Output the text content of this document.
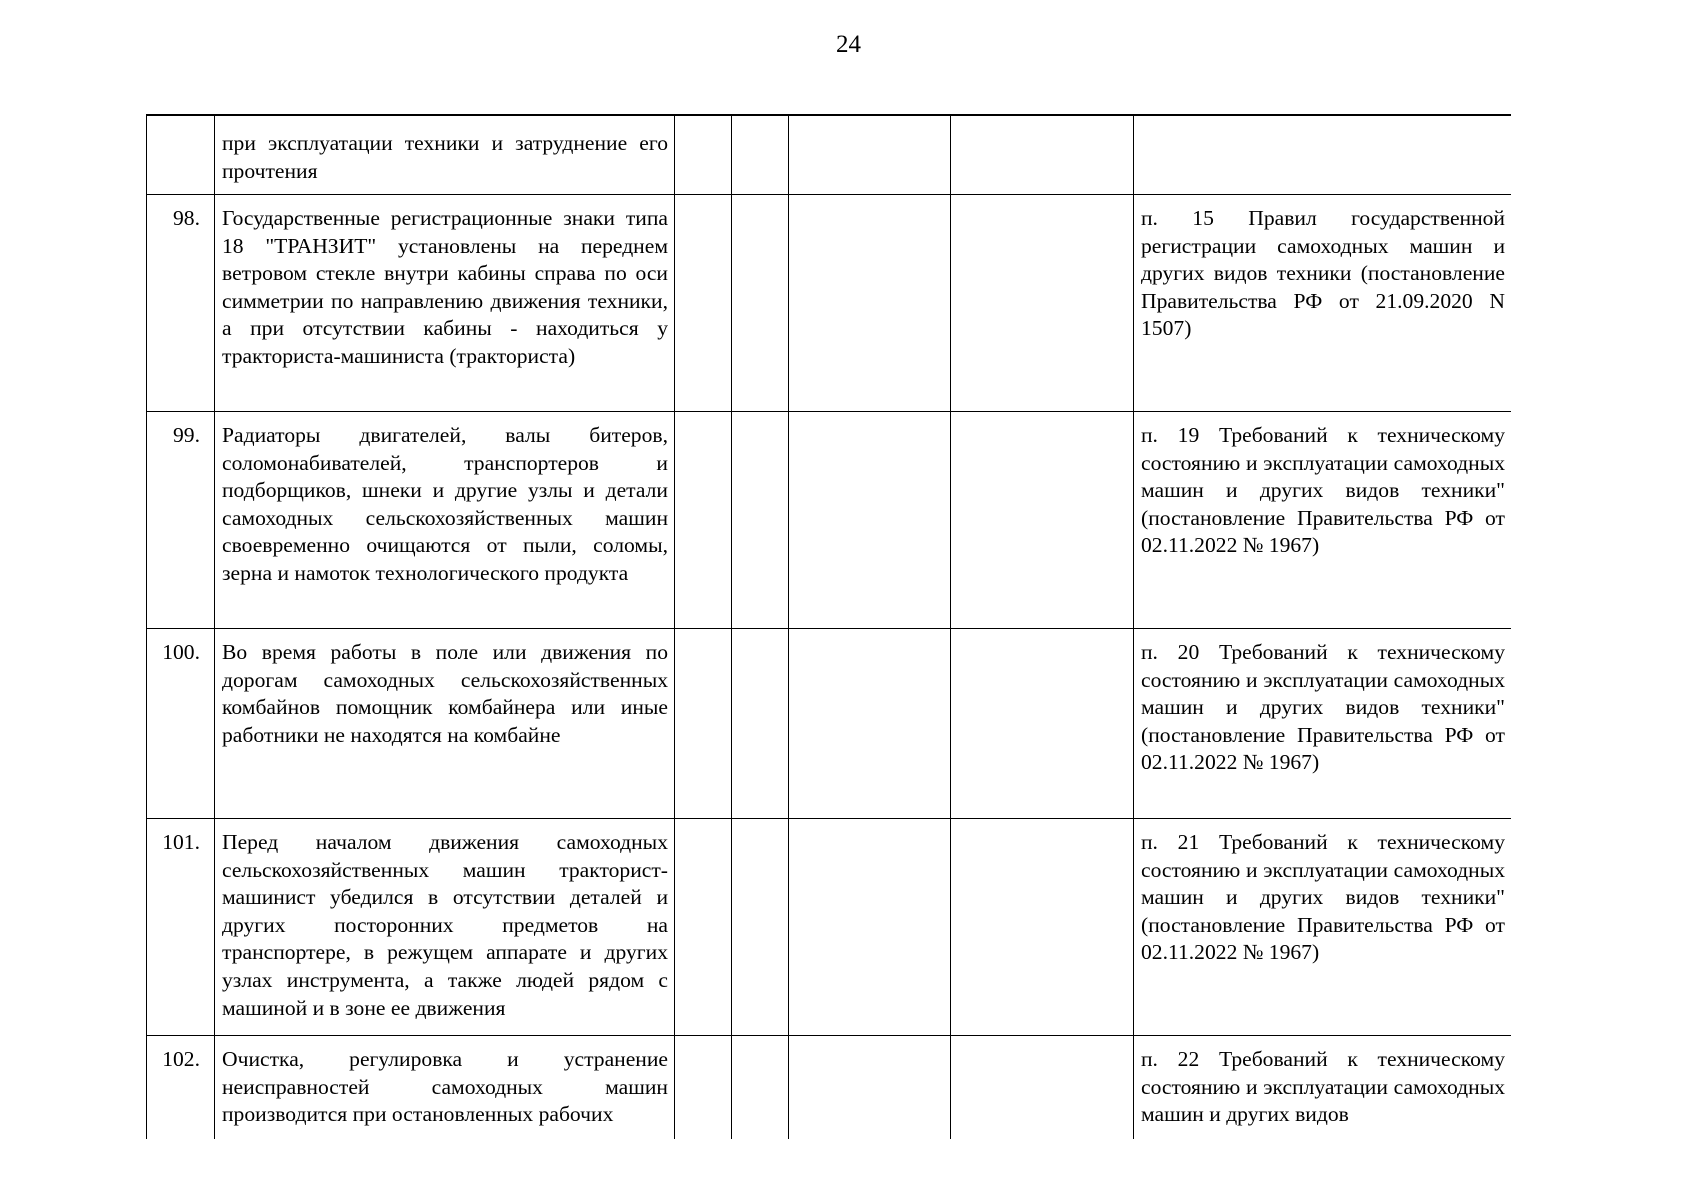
24
	при эксплуатации техники и затруднение его прочтения					
98.	Государственные регистрационные знаки типа 18 "ТРАНЗИТ" установлены на переднем ветровом стекле внутри кабины справа по оси симметрии по направлению движения техники, а при отсутствии кабины - находиться у тракториста-машиниста (тракториста)					п. 15 Правил государственной регистрации самоходных машин и других видов техники (постановление Правительства РФ от 21.09.2020 N 1507)
99.	Радиаторы двигателей, валы битеров, соломонабивателей, транспортеров и подборщиков, шнеки и другие узлы и детали самоходных сельскохозяйственных машин своевременно очищаются от пыли, соломы, зерна и намоток технологического продукта					п. 19 Требований к техническому состоянию и эксплуатации самоходных машин и других видов техники" (постановление Правительства РФ от 02.11.2022 № 1967)
100.	Во время работы в поле или движения по дорогам самоходных сельскохозяйственных комбайнов помощник комбайнера или иные работники не находятся на комбайне					п. 20 Требований к техническому состоянию и эксплуатации самоходных машин и других видов техники" (постановление Правительства РФ от 02.11.2022 № 1967)
101.	Перед началом движения самоходных сельскохозяйственных машин тракторист-машинист убедился в отсутствии деталей и других посторонних предметов на транспортере, в режущем аппарате и других узлах инструмента, а также людей рядом с машиной и в зоне ее движения					п. 21 Требований к техническому состоянию и эксплуатации самоходных машин и других видов техники" (постановление Правительства РФ от 02.11.2022 № 1967)
102.	Очистка, регулировка и устранение неисправностей самоходных машин производится при остановленных рабочих					п. 22 Требований к техническому состоянию и эксплуатации самоходных машин и других видов
